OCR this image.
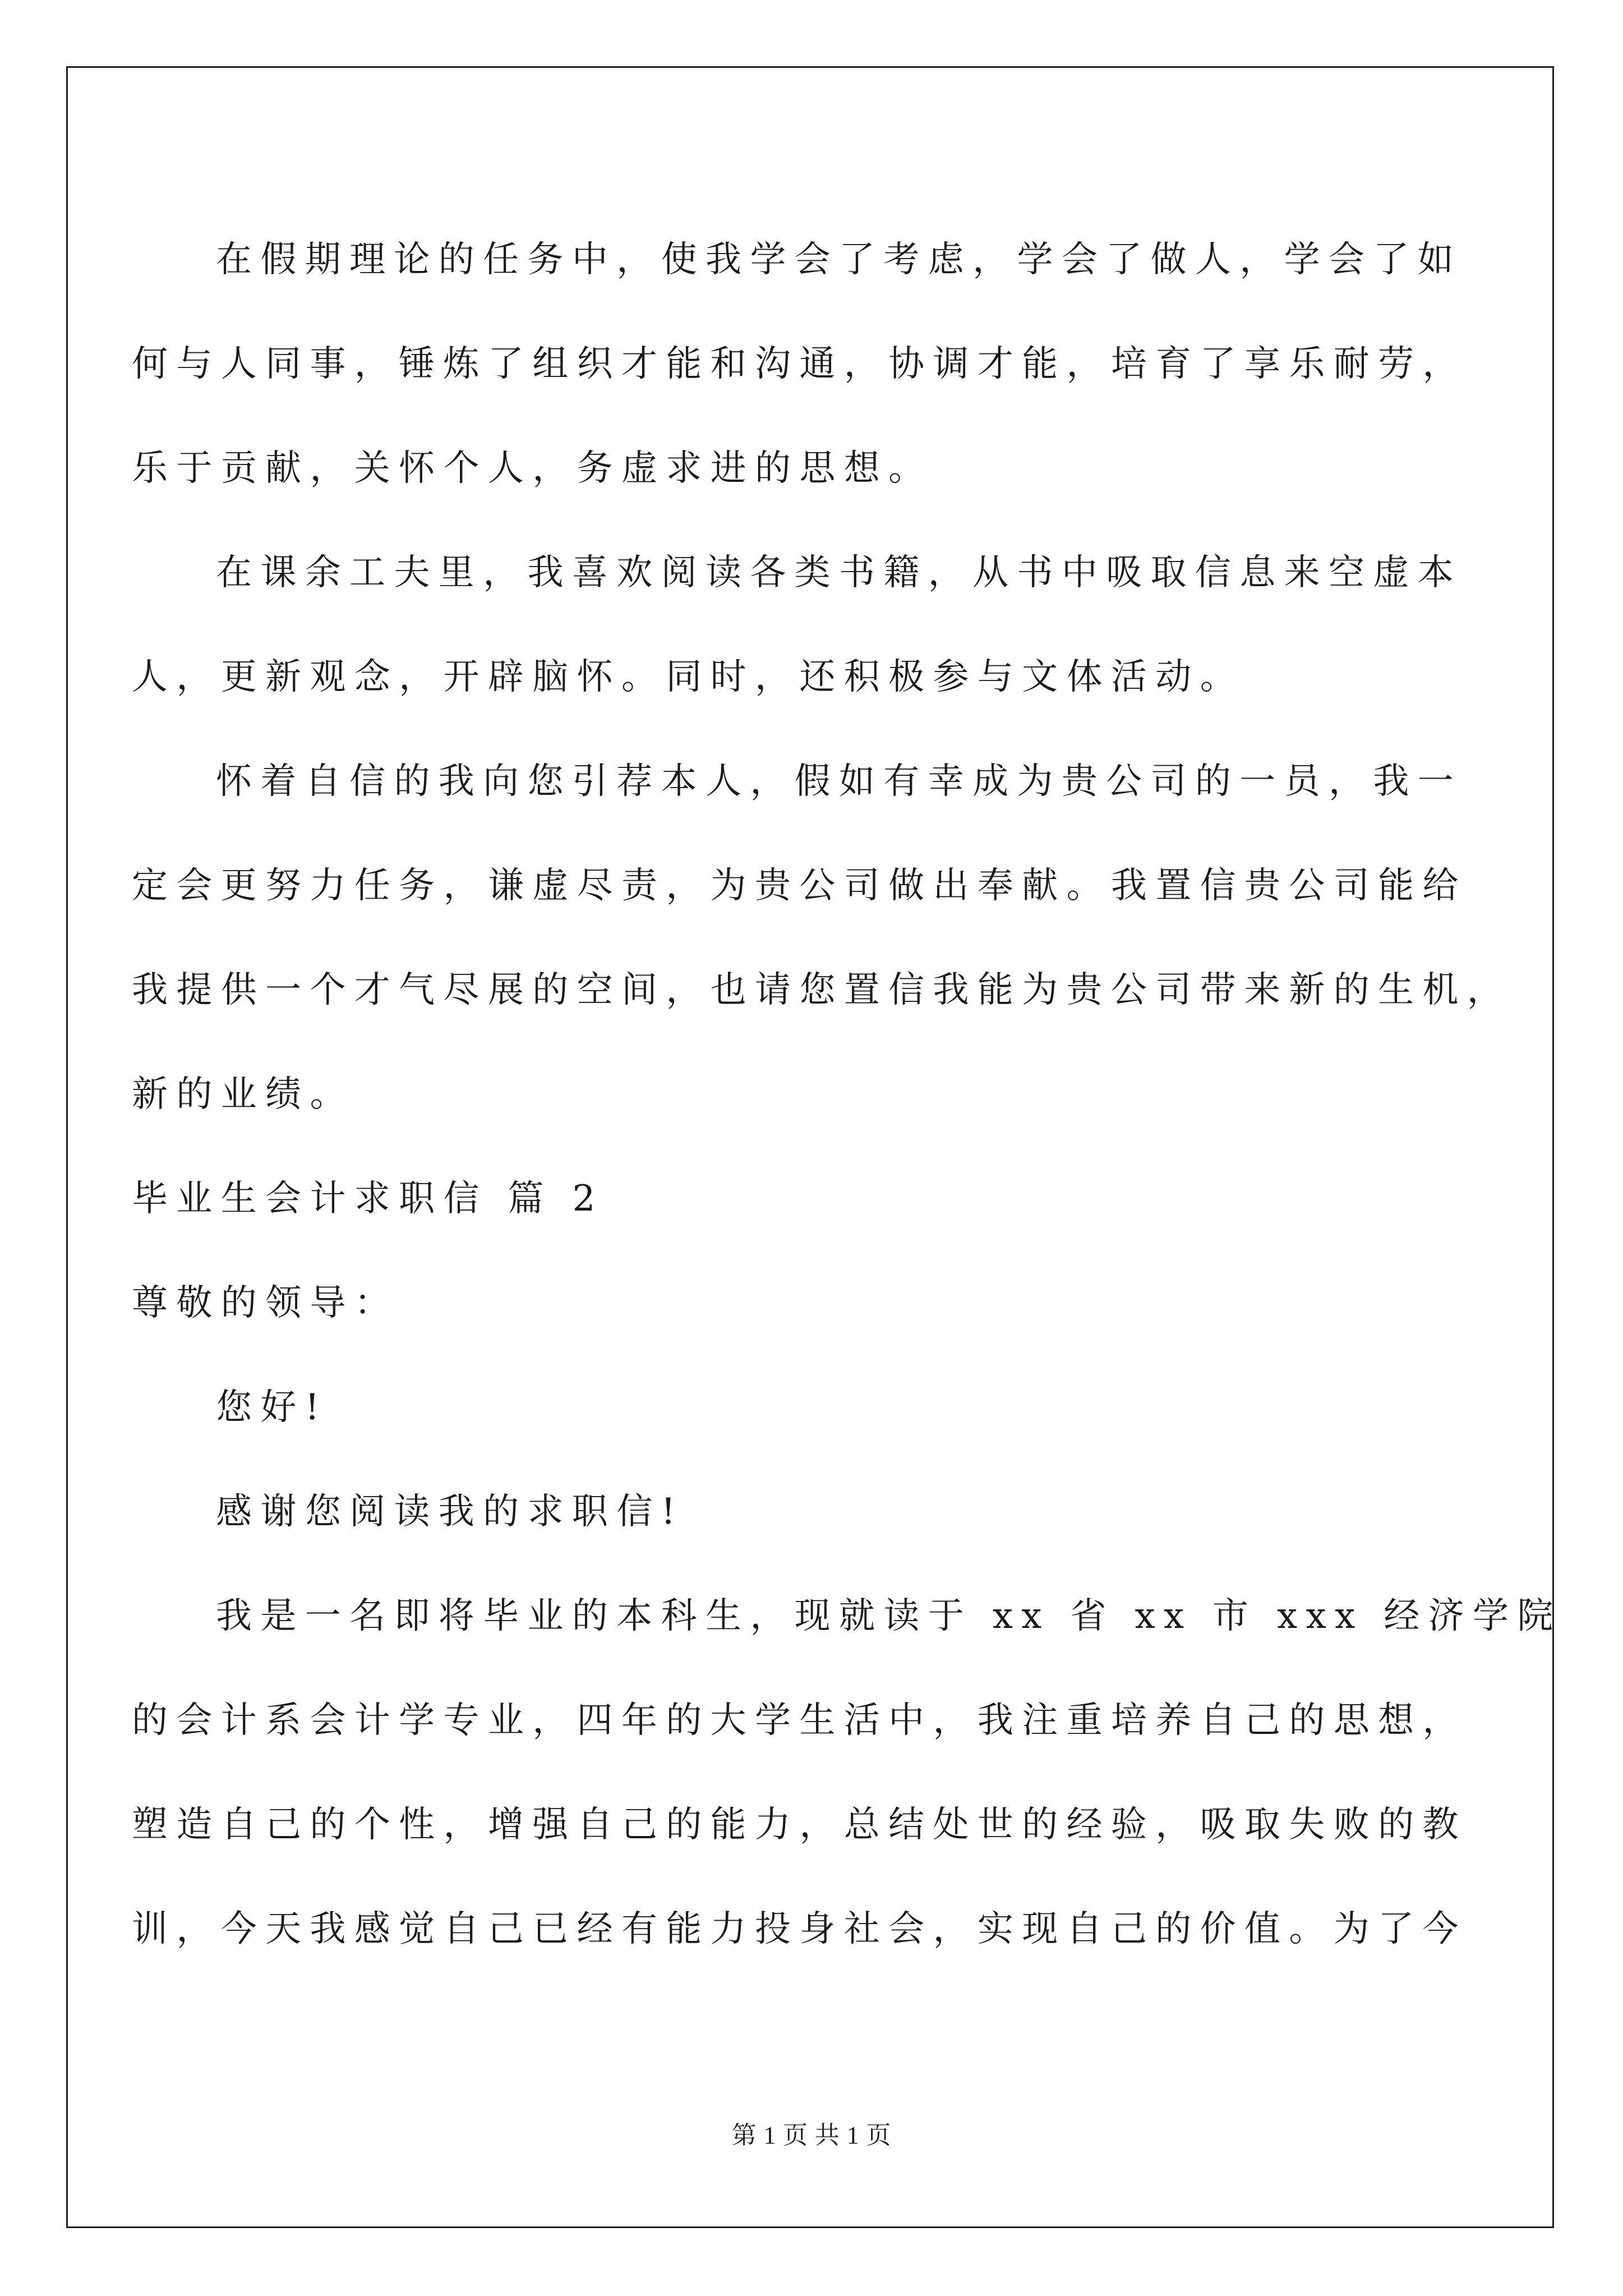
在假期理论的任务中，使我学会了考虑，学会了做人，学会了如
何与人同事，锤炼了组织才能和沟通，协调才能，培育了享乐耐劳，
乐于贡献，关怀个人，务虚求进的思想。
在课余工夫里，我喜欢阅读各类书籍，从书中吸取信息来空虚本
人，更新观念，开辟脑怀。同时，还积极参与文体活动。
怀着自信的我向您引荐本人，假如有幸成为贵公司的一员，我一
定会更努力任务，谦虚尽责，为贵公司做出奉献。我置信贵公司能给
我提供一个才气尽展的空间，也请您置信我能为贵公司带来新的生机，
新的业绩。
毕业生会计求职信 篇 2
尊敬的领导：
您好!
感谢您阅读我的求职信!
我是一名即将毕业的本科生，现就读于 xx 省 xx 市 xxx 经济学院
的会计系会计学专业，四年的大学生活中，我注重培养自己的思想，
塑造自己的个性，增强自己的能力，总结处世的经验，吸取失败的教
训，今天我感觉自己已经有能力投身社会，实现自己的价值。为了今
第 1 页 共 1 页
